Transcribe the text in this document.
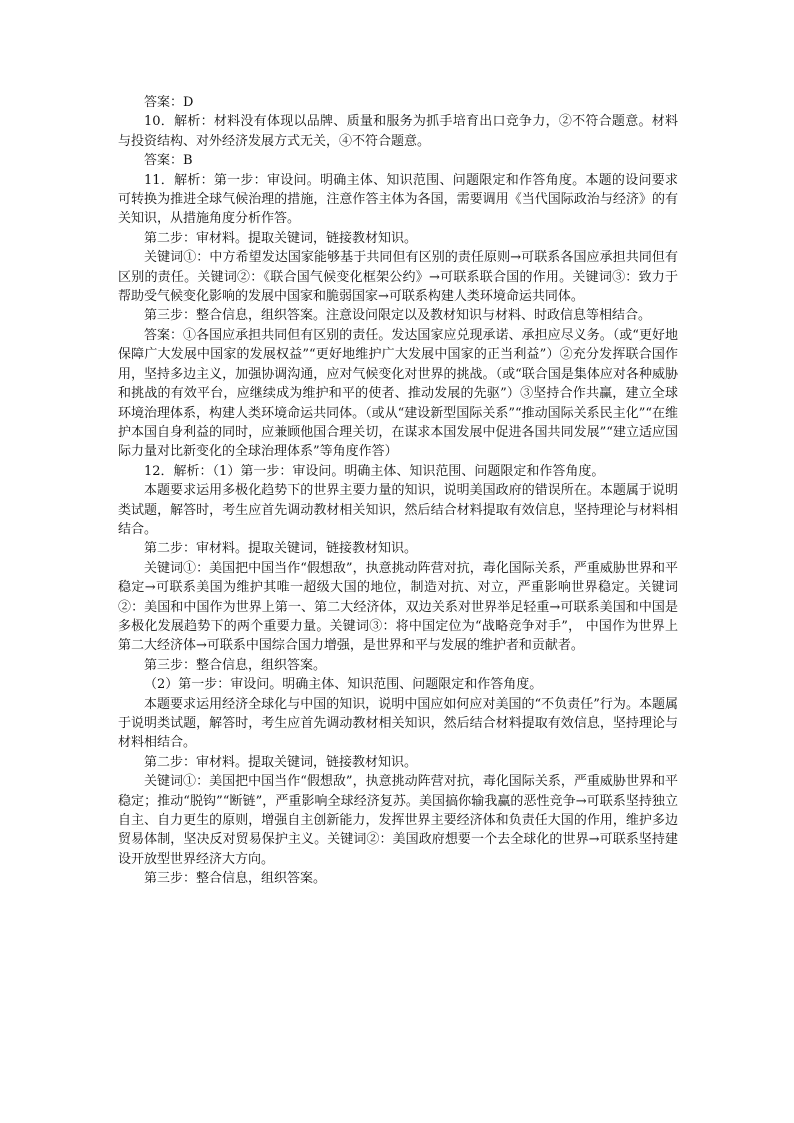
答案：D

10．解析：材料没有体现以品牌、质量和服务为抓手培育出口竞争力，②不符合题意。材料与投资结构、对外经济发展方式无关，④不符合题意。

答案：B

11．解析：第一步：审设问。明确主体、知识范围、问题限定和作答角度。本题的设问要求可转换为推进全球气候治理的措施，注意作答主体为各国，需要调用《当代国际政治与经济》的有关知识，从措施角度分析作答。

第二步：审材料。提取关键词，链接教材知识。

关键词①：中方希望发达国家能够基于共同但有区别的责任原则→可联系各国应承担共同但有区别的责任。关键词②：《联合国气候变化框架公约》→可联系联合国的作用。关键词③：致力于帮助受气候变化影响的发展中国家和脆弱国家→可联系构建人类环境命运共同体。

第三步：整合信息，组织答案。注意设问限定以及教材知识与材料、时政信息等相结合。

答案：①各国应承担共同但有区别的责任。发达国家应兑现承诺、承担应尽义务。（或“更好地保障广大发展中国家的发展权益”“更好地维护广大发展中国家的正当利益”）②充分发挥联合国作用，坚持多边主义，加强协调沟通，应对气候变化对世界的挑战。（或“联合国是集体应对各种威胁和挑战的有效平台，应继续成为维护和平的使者、推动发展的先驱”）③坚持合作共赢，建立全球环境治理体系，构建人类环境命运共同体。（或从“建设新型国际关系”“推动国际关系民主化”“在维护本国自身利益的同时，应兼顾他国合理关切，在谋求本国发展中促进各国共同发展”“建立适应国际力量对比新变化的全球治理体系”等角度作答）

12．解析：（1）第一步：审设问。明确主体、知识范围、问题限定和作答角度。

本题要求运用多极化趋势下的世界主要力量的知识，说明美国政府的错误所在。本题属于说明类试题，解答时，考生应首先调动教材相关知识，然后结合材料提取有效信息，坚持理论与材料相结合。

第二步：审材料。提取关键词，链接教材知识。

关键词①：美国把中国当作“假想敌”，执意挑动阵营对抗，毒化国际关系，严重威胁世界和平稳定→可联系美国为维护其唯一超级大国的地位，制造对抗、对立，严重影响世界稳定。关键词②：美国和中国作为世界上第一、第二大经济体，双边关系对世界举足轻重→可联系美国和中国是多极化发展趋势下的两个重要力量。关键词③：将中国定位为“战略竞争对手”， 中国作为世界上第二大经济体→可联系中国综合国力增强，是世界和平与发展的维护者和贡献者。

第三步：整合信息，组织答案。

（2）第一步：审设问。明确主体、知识范围、问题限定和作答角度。

本题要求运用经济全球化与中国的知识，说明中国应如何应对美国的“不负责任”行为。本题属于说明类试题，解答时，考生应首先调动教材相关知识，然后结合材料提取有效信息，坚持理论与材料相结合。

第二步：审材料。提取关键词，链接教材知识。

关键词①：美国把中国当作“假想敌”，执意挑动阵营对抗，毒化国际关系，严重威胁世界和平稳定；推动“脱钩”“断链”，严重影响全球经济复苏。美国搞你输我赢的恶性竞争→可联系坚持独立自主、自力更生的原则，增强自主创新能力，发挥世界主要经济体和负责任大国的作用，维护多边贸易体制，坚决反对贸易保护主义。关键词②：美国政府想要一个去全球化的世界→可联系坚持建设开放型世界经济大方向。

第三步：整合信息，组织答案。
